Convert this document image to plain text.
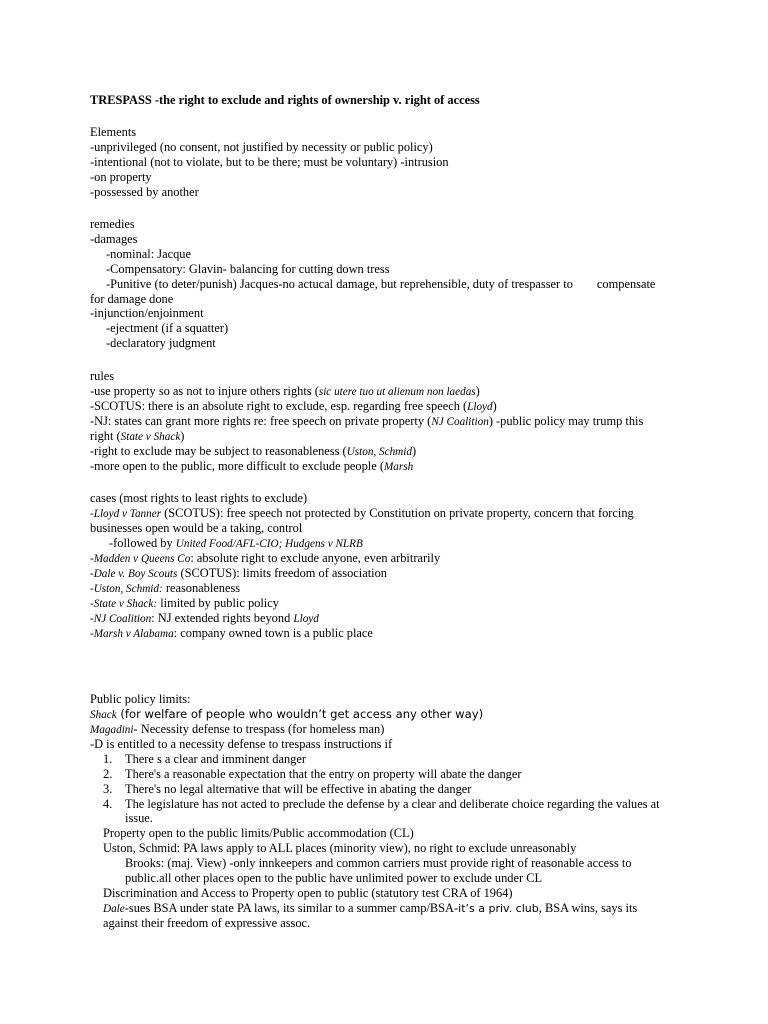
TRESPASS -the right to exclude and rights of ownership v. right of access
Elements
-unprivileged (no consent, not justified by necessity or public policy)
-intentional (not to violate, but to be there; must be voluntary) -intrusion
-on property
-possessed by another
remedies
-damages
-nominal: Jacque
-Compensatory: Glavin- balancing for cutting down tress
-Punitive (to deter/punish) Jacques-no actucal damage, but reprehensible, duty of trespasser to compensate
for damage done
-injunction/enjoinment
-ejectment (if a squatter)
-declaratory judgment
rules
-use property so as not to injure others rights (sic utere tuo ut alienum non laedas)
-SCOTUS: there is an absolute right to exclude, esp. regarding free speech (Lloyd)
-NJ: states can grant more rights re: free speech on private property (NJ Coalition) -public policy may trump this
right (State v Shack)
-right to exclude may be subject to reasonableness (Uston, Schmid)
-more open to the public, more difficult to exclude people (Marsh
cases (most rights to least rights to exclude)
-Lloyd v Tanner (SCOTUS): free speech not protected by Constitution on private property, concern that forcing
businesses open would be a taking, control
-followed by United Food/AFL-CIO; Hudgens v NLRB
-Madden v Queens Co: absolute right to exclude anyone, even arbitrarily
-Dale v. Boy Scouts (SCOTUS): limits freedom of association
-Uston, Schmid: reasonableness
-State v Shack: limited by public policy
-NJ Coalition: NJ extended rights beyond Lloyd
-Marsh v Alabama: company owned town is a public place
Public policy limits:
Shack (for welfare of people who wouldn’t get access any other way)
Magadini- Necessity defense to trespass (for homeless man)
-D is entitled to a necessity defense to trespass instructions if
1. There s a clear and imminent danger
2. There's a reasonable expectation that the entry on property will abate the danger
3. There's no legal alternative that will be effective in abating the danger
4. The legislature has not acted to preclude the defense by a clear and deliberate choice regarding the values at
issue.
Property open to the public limits/Public accommodation (CL)
Uston, Schmid: PA laws apply to ALL places (minority view), no right to exclude unreasonably
Brooks: (maj. View) -only innkeepers and common carriers must provide right of reasonable access to
public.all other places open to the public have unlimited power to exclude under CL
Discrimination and Access to Property open to public (statutory test CRA of 1964)
Dale-sues BSA under state PA laws, its similar to a summer camp/BSA-it’s a priv. club, BSA wins, says its
against their freedom of expressive assoc.
